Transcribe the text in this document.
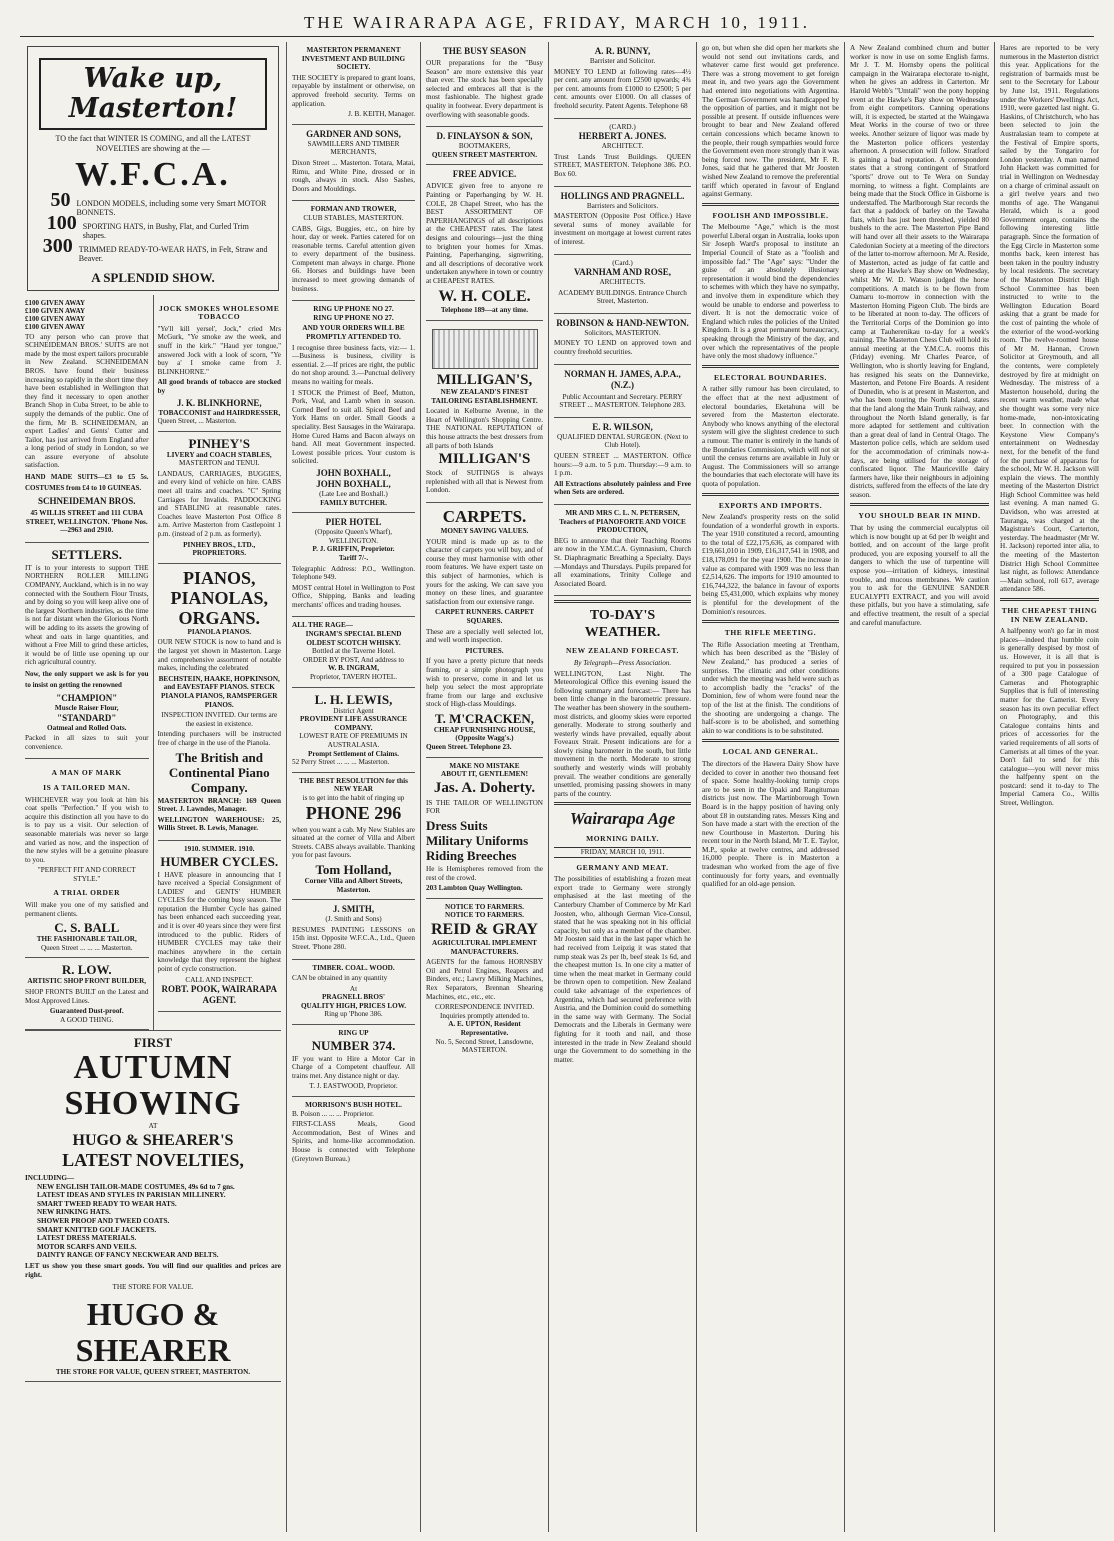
THE WAIRARAPA AGE, FRIDAY, MARCH 10, 1911.
Wake up, Masterton!

TO the fact that WINTER IS COMING, and all the LATEST NOVELTIES are showing at the —

W.F.C.A.
50 LONDON MODELS, including some very Smart MOTOR BONNETS.
100 SPORTING HATS, in Bushy, Flat, and Curled Trim shapes.
300 TRIMMED READY-TO-WEAR HATS, in Felt, Straw and Beaver.
A SPLENDID SHOW.
£100 GIVEN AWAY
£100 GIVEN AWAY
£100 GIVEN AWAY
£100 GIVEN AWAY

TO any person who can prove that SCHNEIDEMAN BROS.' SUITS are not made by the most expert tailors procurable in New Zealand. SCHNEIDEMAN BROS. have found their business increasing so rapidly in the short time they have been established in Wellington that they find it necessary to open another Branch Shop in Cuba Street, to be able to supply the demands of the public. One of the firm, Mr B. SCHNEIDEMAN, an expert Ladies' and Gents' Cutter and Tailor, has just arrived from England after a long period of study in London, so we can assure everyone of absolute satisfaction.

HAND MADE SUITS—£3 to £5 5s. COSTUMES from £4 to 10 GUINEAS.

SCHNEIDEMAN BROS.

45 WILLIS STREET and 111 CUBA STREET, WELLINGTON. 'Phone Nos.—2963 and 2910.

SETTLERS.

IT is to your interests to support THE NORTHERN ROLLER MILLING COMPANY, Auckland, which is in no way connected with the Southern Flour Trusts, and by doing so you will keep alive one of the largest Northern industries, as the time is not far distant when the Glorious North will be adding to its assets the growing of wheat and oats in large quantities, and without a Free Mill to grind these articles, it would be of little use opening up our rich agricultural country.

Now, the only support we ask is for you to insist on getting the renowned

"CHAMPION"
Muscle Raiser Flour,
"STANDARD"
Oatmeal and Rolled Oats.

Packed in all sizes to suit your convenience.

A MAN OF MARK
IS A TAILORED MAN.

WHICHEVER way you look at him his coat spells "Perfection." If you wish to acquire this distinction all you have to do is to pay us a visit. Our selection of seasonable materials was never so large and varied as now, and the inspection of the new styles will be a genuine pleasure to you.

"PERFECT FIT AND CORRECT STYLE."

A TRIAL ORDER

Will make you one of my satisfied and permanent clients.

C. S. BALL
THE FASHIONABLE TAILOR,
Queen Street ... ... ... Masterton.
R. LOW.
ARTISTIC SHOP FRONT BUILDER,

SHOP FRONTS BUILT on the Latest and Most Approved Lines.

Guaranteed Dust-proof.
A GOOD THING.
JOCK SMOKES WHOLESOME TOBACCO

"Ye'll kill yersel', Jock," cried Mrs McGurk, "Ye smoke aw the week, and snuff in the kirk." "Haud yer tongue," answered Jock with a look of scorn, "Ye buy a' I smoke came from J. BLINKHORNE."

All good brands of tobacco are stocked by

J. K. BLINKHORNE,
TOBACCONIST and HAIRDRESSER,
Queen Street, ... Masterton.
PINHEY'S
LIVERY and COACH STABLES,
MASTERTON and TENUI.

LANDAUS, CARRIAGES, BUGGIES, and every kind of vehicle on hire. CABS meet all trains and coaches. "C" Spring Carriages for Invalids. PADDOCKING and STABLING at reasonable rates. Coaches leave Masterton Post Office 8 a.m. Arrive Masterton from Castlepoint 1 p.m. (instead of 2 p.m. as formerly).

PINHEY BROS., LTD., PROPRIETORS.
PIANOS,
PIANOLAS,
ORGANS.
PIANOLA PIANOS.

OUR NEW STOCK is now to hand and is the largest yet shown in Masterton. Large and comprehensive assortment of notable makes, including the celebrated

BECHSTEIN, HAAKE, HOPKINSON, and EAVESTAFF PIANOS. STECK PIANOLA PIANOS, RAMSPERGER PIANOS.

INSPECTION INVITED. Our terms are the easiest in existence.

Intending purchasers will be instructed free of charge in the use of the Pianola.

The British and Continental Piano Company.

MASTERTON BRANCH: 169 Queen Street. J. Lawndes, Manager.

WELLINGTON WAREHOUSE: 25, Willis Street. B. Lewis, Manager.

1910. SUMMER. 1910.
HUMBER CYCLES.

I HAVE pleasure in announcing that I have received a Special Consignment of LADIES' and GENTS' HUMBER CYCLES for the coming busy season. The reputation the Humber Cycle has gained has been enhanced each succeeding year, and it is over 40 years since they were first introduced to the public. Riders of HUMBER CYCLES may take their machines anywhere in the certain knowledge that they represent the highest point of cycle construction.

CALL AND INSPECT.
ROBT. POOK, WAIRARAPA AGENT.
FIRST
AUTUMN SHOWING
AT
HUGO & SHEARER'S
LATEST NOVELTIES,
INCLUDING—
NEW ENGLISH TAILOR-MADE COSTUMES, 49s 6d to 7 gns.
LATEST IDEAS AND STYLES IN PARISIAN MILLINERY.
SMART TWEED READY TO WEAR HATS.
NEW RINKING HATS.
SHOWER PROOF AND TWEED COATS.
SMART KNITTED GOLF JACKETS.
LATEST DRESS MATERIALS.
MOTOR SCARFS AND VEILS.
DAINTY RANGE OF FANCY NECKWEAR AND BELTS.

LET us show you these smart goods. You will find our qualities and prices are right.

THE STORE FOR VALUE.
HUGO & SHEARER
THE STORE FOR VALUE, QUEEN STREET, MASTERTON.
MASTERTON PERMANENT INVESTMENT AND BUILDING SOCIETY.

THE SOCIETY is prepared to grant loans, repayable by instalment or otherwise, on approved freehold security. Terms on application.

J. B. KEITH, Manager.
GARDNER AND SONS,
SAWMILLERS AND TIMBER MERCHANTS,

Dixon Street ... Masterton. Totara, Matai, Rimu, and White Pine, dressed or in rough, always in stock. Also Sashes, Doors and Mouldings.

FORMAN AND TROWER,
CLUB STABLES, MASTERTON.

CABS, Gigs, Buggies, etc., on hire by hour, day or week. Parties catered for on reasonable terms. Careful attention given to every department of the business. Competent man always in charge. Phone 66. Horses and buildings have been increased to meet growing demands of business.

RING UP PHONE NO 27.
RING UP PHONE NO 27.

AND YOUR ORDERS WILL BE PROMPTLY ATTENDED TO.

I recognise three business facts, viz:— 1.—Business is business, civility is essential. 2.—If prices are right, the public do not shop around. 3.—Punctual delivery means no waiting for meals.

I STOCK the Primest of Beef, Mutton, Pork, Veal, and Lamb when in season. Corned Beef to suit all. Spiced Beef and York Hams on order. Small Goods a speciality. Best Sausages in the Wairarapa. Home Cured Hams and Bacon always on hand. All meat Government inspected. Lowest possible prices. Your custom is solicited.

JOHN BOXHALL,
JOHN BOXHALL,
(Late Lee and Boxhall.)
FAMILY BUTCHER.
PIER HOTEL
(Opposite Queen's Wharf), WELLINGTON.
P. J. GRIFFIN, Proprietor.
Tariff 7/-.

Telegraphic Address: P.O., Wellington. Telephone 949.

MOST central Hotel in Wellington to Post Office, Shipping, Banks and leading merchants' offices and trading houses.

ALL THE RAGE—
INGRAM'S SPECIAL BLEND OLDEST SCOTCH WHISKY.
Bottled at the Taverne Hotel.
ORDER BY POST, And address to
W. B. INGRAM,
Proprietor, TAVERN HOTEL.
L. H. LEWIS,
District Agent
PROVIDENT LIFE ASSURANCE COMPANY.
LOWEST RATE OF PREMIUMS IN AUSTRALASIA.
Prompt Settlement of Claims.
52 Perry Street ... ... ... Masterton.
THE BEST RESOLUTION for this NEW YEAR
is to get into the habit of ringing up
PHONE 296

when you want a cab. My New Stables are situated at the corner of Villa and Albert Streets. CABS always available. Thanking you for past favours.

Tom Holland,
Corner Villa and Albert Streets, Masterton.
J. SMITH,
(J. Smith and Sons)

RESUMES PAINTING LESSONS on 15th inst. Opposite W.F.C.A., Ltd., Queen Street. 'Phone 280.

TIMBER. COAL. WOOD.

CAN be obtained in any quantity

At
PRAGNELL BROS'
QUALITY HIGH, PRICES LOW.
Ring up 'Phone 386.
RING UP
NUMBER 374.

IF you want to Hire a Motor Car in Charge of a Competent chauffeur. All trains met. Any distance night or day.

T. J. EASTWOOD, Proprietor.
MORRISON'S BUSH HOTEL.
B. Poison ... ... ... Proprietor.

FIRST-CLASS Meals, Good Accommodation, Best of Wines and Spirits, and home-like accommodation. House is connected with Telephone (Greytown Bureau.)

THE BUSY SEASON

OUR preparations for the "Busy Season" are more extensive this year than ever. The stock has been specially selected and embraces all that is the most fashionable. The highest grade quality in footwear. Every department is overflowing with seasonable goods.

D. FINLAYSON & SON,
BOOTMAKERS,
QUEEN STREET MASTERTON.
FREE ADVICE.

ADVICE given free to anyone re Painting or Paperhanging by W. H. COLE, 28 Chapel Street, who has the BEST ASSORTMENT OF PAPERHANGINGS of all descriptions at the CHEAPEST rates. The latest designs and colourings—just the thing to brighten your homes for Xmas. Painting, Paperhanging, signwriting, and all descriptions of decorative work undertaken anywhere in town or country at CHEAPEST RATES.

W. H. COLE.
Telephone 189—at any time.
MILLIGAN'S,
NEW ZEALAND'S FINEST TAILORING ESTABLISHMENT.

Located in Kelburne Avenue, in the Heart of Wellington's Shopping Centre. THE NATIONAL REPUTATION of this house attracts the best dressers from all parts of both Islands

MILLIGAN'S

Stock of SUITINGS is always replenished with all that is Newest from London.

CARPETS.
MONEY SAVING VALUES.

YOUR mind is made up as to the character of carpets you will buy, and of course they must harmonise with other room features. We have expert taste on this subject of harmonies, which is yours for the asking. We can save you money on these lines, and guarantee satisfaction from our extensive range.

CARPET RUNNERS. CARPET SQUARES.

These are a specially well selected lot, and well worth inspection.

PICTURES.

If you have a pretty picture that needs framing, or a simple photograph you wish to preserve, come in and let us help you select the most appropriate frame from our large and exclusive stock of High-class Mouldings.

T. M'CRACKEN,
CHEAP FURNISHING HOUSE, (Opposite Wagg's.)
Queen Street. Telephone 23.
MAKE NO MISTAKE
ABOUT IT, GENTLEMEN!
Jas. A. Doherty.

IS THE TAILOR OF WELLINGTON FOR

Dress Suits
Military Uniforms
Riding Breeches

He is Hemispheres removed from the rest of the crowd.

203 Lambton Quay Wellington.
NOTICE TO FARMERS.
NOTICE TO FARMERS.
REID & GRAY
AGRICULTURAL IMPLEMENT MANUFACTURERS.

AGENTS for the famous HORNSBY Oil and Petrol Engines, Reapers and Binders, etc.; Lawry Milking Machines, Rex Separators, Brennan Shearing Machines, etc., etc., etc.

CORRESPONDENCE INVITED.
Inquiries promptly attended to.
A. E. UPTON, Resident Representative.
No. 5, Second Street, Lansdowne, MASTERTON.
A. R. BUNNY,
Barrister and Solicitor.

MONEY TO LEND at following rates—4½ per cent. any amount from £2500 upwards; 4¾ per cent. amounts from £1000 to £2500; 5 per cent. amounts over £1000. On all classes of freehold security. Patent Agents. Telephone 68

(CARD.)
HERBERT A. JONES.
ARCHITECT.

Trust Lands Trust Buildings. QUEEN STREET, MASTERTON. Telephone 386. P.O. Box 60.

HOLLINGS AND PRAGNELL.
Barristers and Solicitors.

MASTERTON (Opposite Post Office.) Have several sums of money available for investment on mortgage at lowest current rates of interest.

(Card.)
VARNHAM AND ROSE,
ARCHITECTS.

ACADEMY BUILDINGS. Entrance Church Street, Masterton.

ROBINSON & HAND-NEWTON.
Solicitors, MASTERTON.

MONEY TO LEND on approved town and country freehold securities.

NORMAN H. JAMES, A.P.A., (N.Z.)

Public Accountant and Secretary. PERRY STREET ... MASTERTON. Telephone 283.

E. R. WILSON,
QUALIFIED DENTAL SURGEON. (Next to Club Hotel).

QUEEN STREET ... MASTERTON. Office hours:—9 a.m. to 5 p.m. Thursday:—9 a.m. to 1 p.m.

All Extractions absolutely painless and Free when Sets are ordered.

MR AND MRS C. L. N. PETERSEN,
Teachers of PIANOFORTE AND VOICE PRODUCTION,

BEG to announce that their Teaching Rooms are now in the Y.M.C.A. Gymnasium, Church St. Diaphragmatic Breathing a Specialty. Days—Mondays and Thursdays. Pupils prepared for all examinations, Trinity College and Associated Board.

TO-DAY'S WEATHER.
NEW ZEALAND FORECAST.
By Telegraph—Press Association.

WELLINGTON, Last Night. The Meteorological Office this evening issued the following summary and forecast:— There has been little change in the barometric pressure. The weather has been showery in the southern-most districts, and gloomy skies were reported generally. Moderate to strong southerly and westerly winds have prevailed, equally about Foveaux Strait. Present indications are for a slowly rising barometer in the south, but little movement in the north. Moderate to strong southerly and westerly winds will probably prevail. The weather conditions are generally unsettled, promising passing showers in many parts of the country.

Wairarapa Age
MORNING DAILY.
FRIDAY, MARCH 10, 1911.
GERMANY AND MEAT.

The possibilities of establishing a frozen meat export trade to Germany were strongly emphasised at the last meeting of the Canterbury Chamber of Commerce by Mr Karl Joosten, who, although German Vice-Consul, stated that he was speaking not in his official capacity, but only as a member of the chamber. Mr Joosten said that in the last paper which he had received from Leipzig it was stated that rump steak was 2s per lb, beef steak 1s 6d, and the cheapest mutton 1s. In one city a matter of time when the meat market in Germany could be thrown open to competition. New Zealand could take advantage of the experiences of Argentina, which had secured preference with Austria, and the Dominion could do something in the same way with Germany. The Social Democrats and the Liberals in Germany were fighting for it tooth and nail, and those interested in the trade in New Zealand should urge the Government to do something in the matter.

go on, but when she did open her markets she would not send out invitations cards, and whatever came first would get preference. There was a strong movement to get foreign meat in, and two years ago the Government had entered into negotiations with Argentina. The German Government was handicapped by the opposition of parties, and it might not be possible at present. If outside influences were brought to bear and New Zealand offered certain concessions which became known to the people, their rough sympathies would force the Government even more strongly than it was being forced now. The president, Mr F. R. Jones, said that he gathered that Mr Joosten wished New Zealand to remove the preferential tariff which operated in favour of England against Germany.

FOOLISH AND IMPOSSIBLE.

The Melbourne "Age," which is the most powerful Liberal organ in Australia, looks upon Sir Joseph Ward's proposal to institute an Imperial Council of State as a "foolish and impossible fad." The "Age" says: "Under the guise of an absolutely illusionary representation it would bind the dependencies to schemes with which they have no sympathy, and involve them in expenditure which they would be unable to endorse and powerless to divert. It is not the democratic voice of England which rules the policies of the United Kingdom. It is a great permanent bureaucracy, speaking through the Ministry of the day, and over which the representatives of the people have only the most shadowy influence."

ELECTORAL BOUNDARIES.

A rather silly rumour has been circulated, to the effect that at the next adjustment of electoral boundaries, Eketahuna will be severed from the Masterton electorate. Anybody who knows anything of the electoral system will give the slightest credence to such a rumour. The matter is entirely in the hands of the Boundaries Commission, which will not sit until the census returns are available in July or August. The Commissioners will so arrange the boundaries that each electorate will have its quota of population.

EXPORTS AND IMPORTS.

New Zealand's prosperity rests on the solid foundation of a wonderful growth in exports. The year 1910 constituted a record, amounting to the total of £22,175,636, as compared with £19,661,010 in 1909, £16,317,541 in 1908, and £18,178,091 for the year 1900. The increase in value as compared with 1909 was no less than £2,514,626. The imports for 1910 amounted to £16,744,322, the balance in favour of exports being £5,431,000, which explains why money is plentiful for the development of the Dominion's resources.

THE RIFLE MEETING.

The Rifle Association meeting at Trentham, which has been described as the "Bisley of New Zealand," has produced a series of surprises. The climatic and other conditions under which the meeting was held were such as to accomplish badly the "cracks" of the Dominion, few of whom were found near the top of the list at the finish. The conditions of the shooting are undergoing a change. The half-score is to be abolished, and something akin to war conditions is to be substituted.

LOCAL AND GENERAL.

The directors of the Hawera Dairy Show have decided to cover in another two thousand feet of space. Some healthy-looking turnip crops are to be seen in the Opaki and Rangitumau districts just now. The Martinborough Town Board is in the happy position of having only about £8 in outstanding rates. Messrs King and Son have made a start with the erection of the new Courthouse in Masterton. During his recent tour in the North Island, Mr T. E. Taylor, M.P., spoke at twelve centres, and addressed 16,000 people. There is in Masterton a tradesman who worked from the age of five continuously for forty years, and eventually qualified for an old-age pension.

A New Zealand combined churn and butter worker is now in use on some English farms. Mr J. T. M. Hornsby opens the political campaign in the Wairarapa electorate to-night, when he gives an address in Carterton. Mr Harold Webb's "Umtali" won the pony hopping event at the Hawke's Bay show on Wednesday from eight competitors. Canning operations will, it is expected, be started at the Waingawa Meat Works in the course of two or three weeks. Another seizure of liquor was made by the Masterton police officers yesterday afternoon. A prosecution will follow. Stratford is gaining a bad reputation. A correspondent states that a strong contingent of Stratford "sports" drove out to Te Wera on Sunday morning, to witness a fight. Complaints are being made that the Stock Office in Gisborne is understaffed. The Marlborough Star records the fact that a paddock of barley on the Tawaha flats, which has just been threshed, yielded 80 bushels to the acre. The Masterton Pipe Band will hand over all their assets to the Wairarapa Caledonian Society at a meeting of the directors of the latter to-morrow afternoon. Mr A. Reside, of Masterton, acted as judge of fat cattle and sheep at the Hawke's Bay show on Wednesday, whilst Mr W. D. Watson judged the horse competitions. A match is to be flown from Oamaru to-morrow in connection with the Masterton Homing Pigeon Club. The birds are to be liberated at noon to-day. The officers of the Territorial Corps of the Dominion go into camp at Tauherenikau to-day for a week's training. The Masterton Chess Club will hold its annual meeting at the Y.M.C.A. rooms this (Friday) evening. Mr Charles Pearce, of Wellington, who is shortly leaving for England, has resigned his seats on the Dannevirke, Masterton, and Petone Fire Boards. A resident of Dunedin, who is at present in Masterton, and who has been touring the North Island, states that the land along the Main Trunk railway, and throughout the North Island generally, is far more adapted for settlement and cultivation than a great deal of land in Central Otago. The Masterton police cells, which are seldom used for the accommodation of criminals now-a-days, are being utilised for the storage of confiscated liquor. The Mauriceville dairy farmers have, like their neighbours in adjoining districts, suffered from the effects of the late dry season.

YOU SHOULD BEAR IN MIND.

That by using the commercial eucalyptus oil which is now bought up at 6d per lb weight and bottled, and on account of the large profit produced, you are exposing yourself to all the dangers to which the use of turpentine will expose you—irritation of kidneys, intestinal trouble, and mucous membranes. We caution you to ask for the GENUINE SANDER EUCALYPTI EXTRACT, and you will avoid these pitfalls, but you have a stimulating, safe and effective treatment, the result of a special and careful manufacture.

Hares are reported to be very numerous in the Masterton district this year. Applications for the registration of barmaids must be sent to the Secretary for Labour by June 1st, 1911. Regulations under the Workers' Dwellings Act, 1910, were gazetted last night. G. Haskins, of Christchurch, who has been selected to join the Australasian team to compete at the Festival of Empire sports, sailed by the Tongariro for London yesterday. A man named John Hackett was committed for trial in Wellington on Wednesday on a charge of criminal assault on a girl twelve years and two months of age. The Wanganui Herald, which is a good Government organ, contains the following interesting little paragraph. Since the formation of the Egg Circle in Masterton some months back, keen interest has been taken in the poultry industry by local residents. The secretary of the Masterton District High School Committee has been instructed to write to the Wellington Education Board asking that a grant be made for the cost of painting the whole of the exterior of the wood-working room. The twelve-roomed house of Mr M. Hannan, Crown Solicitor at Greymouth, and all the contents, were completely destroyed by fire at midnight on Wednesday. The mistress of a Masterton household, during the recent warm weather, made what she thought was some very nice home-made, non-intoxicating beer. In connection with the Keystone View Company's entertainment on Wednesday next, for the benefit of the fund for the purchase of apparatus for the school, Mr W. H. Jackson will explain the views. The monthly meeting of the Masterton District High School Committee was held last evening. A man named G. Davidson, who was arrested at Tauranga, was charged at the Magistrate's Court, Carterton, yesterday. The headmaster (Mr W. H. Jackson) reported inter alia, to the meeting of the Masterton District High School Committee last night, as follows: Attendance—Main school, roll 617, average attendance 586.

THE CHEAPEST THING IN NEW ZEALAND.

A halfpenny won't go far in most places—indeed that humble coin is generally despised by most of us. However, it is all that is required to put you in possession of a 300 page Catalogue of Cameras and Photographic Supplies that is full of interesting matter for the Camerist. Every season has its own peculiar effect on Photography, and this Catalogue contains hints and prices of accessories for the varied requirements of all sorts of Camerists at all times of the year. Don't fail to send for this catalogue—you will never miss the halfpenny spent on the postcard: send it to-day to The Imperial Camera Co., Willis Street, Wellington.
